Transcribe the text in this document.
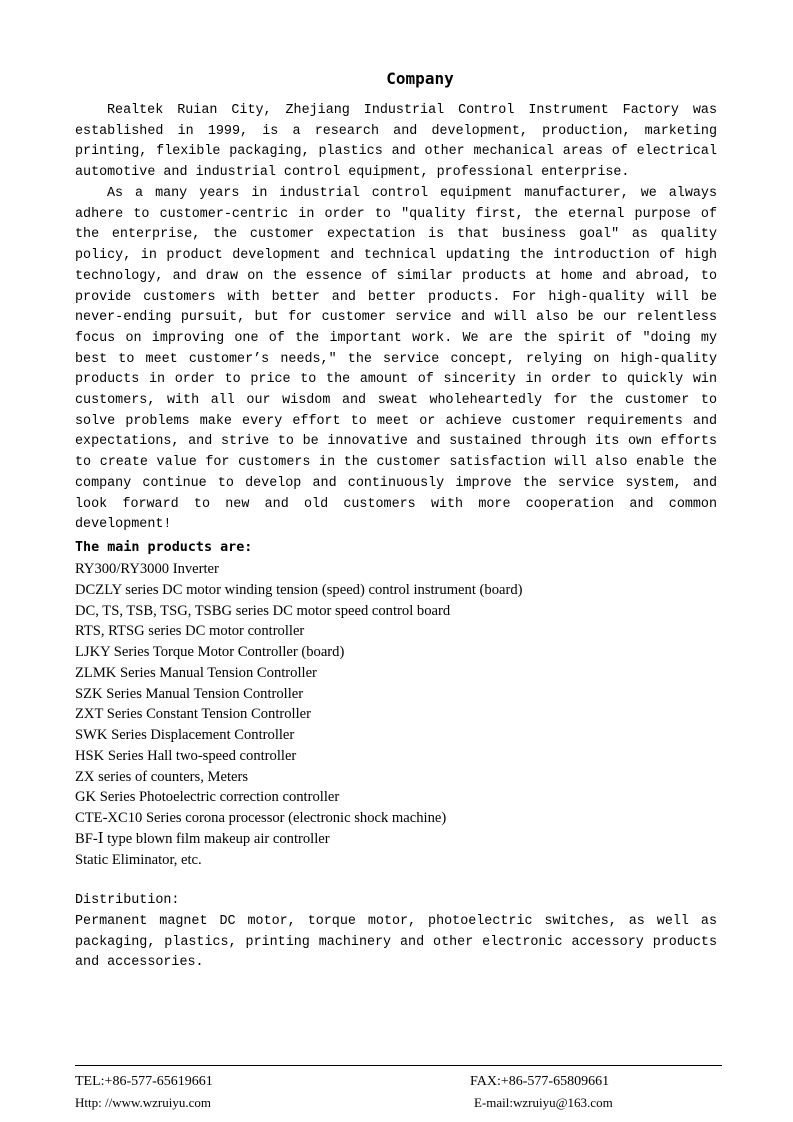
Company

Realtek Ruian City, Zhejiang Industrial Control Instrument Factory was established in 1999, is a research and development, production, marketing printing, flexible packaging, plastics and other mechanical areas of electrical automotive and industrial control equipment, professional enterprise.

As a many years in industrial control equipment manufacturer, we always adhere to customer-centric in order to "quality first, the eternal purpose of the enterprise, the customer expectation is that business goal" as quality policy, in product development and technical updating the introduction of high technology, and draw on the essence of similar products at home and abroad, to provide customers with better and better products. For high-quality will be never-ending pursuit, but for customer service and will also be our relentless focus on improving one of the important work. We are the spirit of "doing my best to meet customer’s needs," the service concept, relying on high-quality products in order to price to the amount of sincerity in order to quickly win customers, with all our wisdom and sweat wholeheartedly for the customer to solve problems make every effort to meet or achieve customer requirements and expectations, and strive to be innovative and sustained through its own efforts to create value for customers in the customer satisfaction will also enable the company continue to develop and continuously improve the service system, and look forward to new and old customers with more cooperation and common development!

The main products are:

RY300/RY3000 Inverter
DCZLY series DC motor winding tension (speed) control instrument (board)
DC, TS, TSB, TSG, TSBG series DC motor speed control board
RTS, RTSG series DC motor controller
LJKY Series Torque Motor Controller (board)
ZLMK Series Manual Tension Controller
SZK Series Manual Tension Controller
ZXT Series Constant Tension Controller
SWK Series Displacement Controller
HSK Series Hall two-speed controller
ZX series of counters, Meters
GK Series Photoelectric correction controller
CTE-XC10 Series corona processor (electronic shock machine)
BF-Ⅰ type blown film makeup air controller
Static Eliminator, etc.

Distribution:

Permanent magnet DC motor, torque motor, photoelectric switches, as well as packaging, plastics, printing machinery and other electronic accessory products and accessories.

TEL:+86-577-65619661	FAX:+86-577-65809661

Http: //www.wzruiyu.com	E-mail:wzruiyu@163.com
